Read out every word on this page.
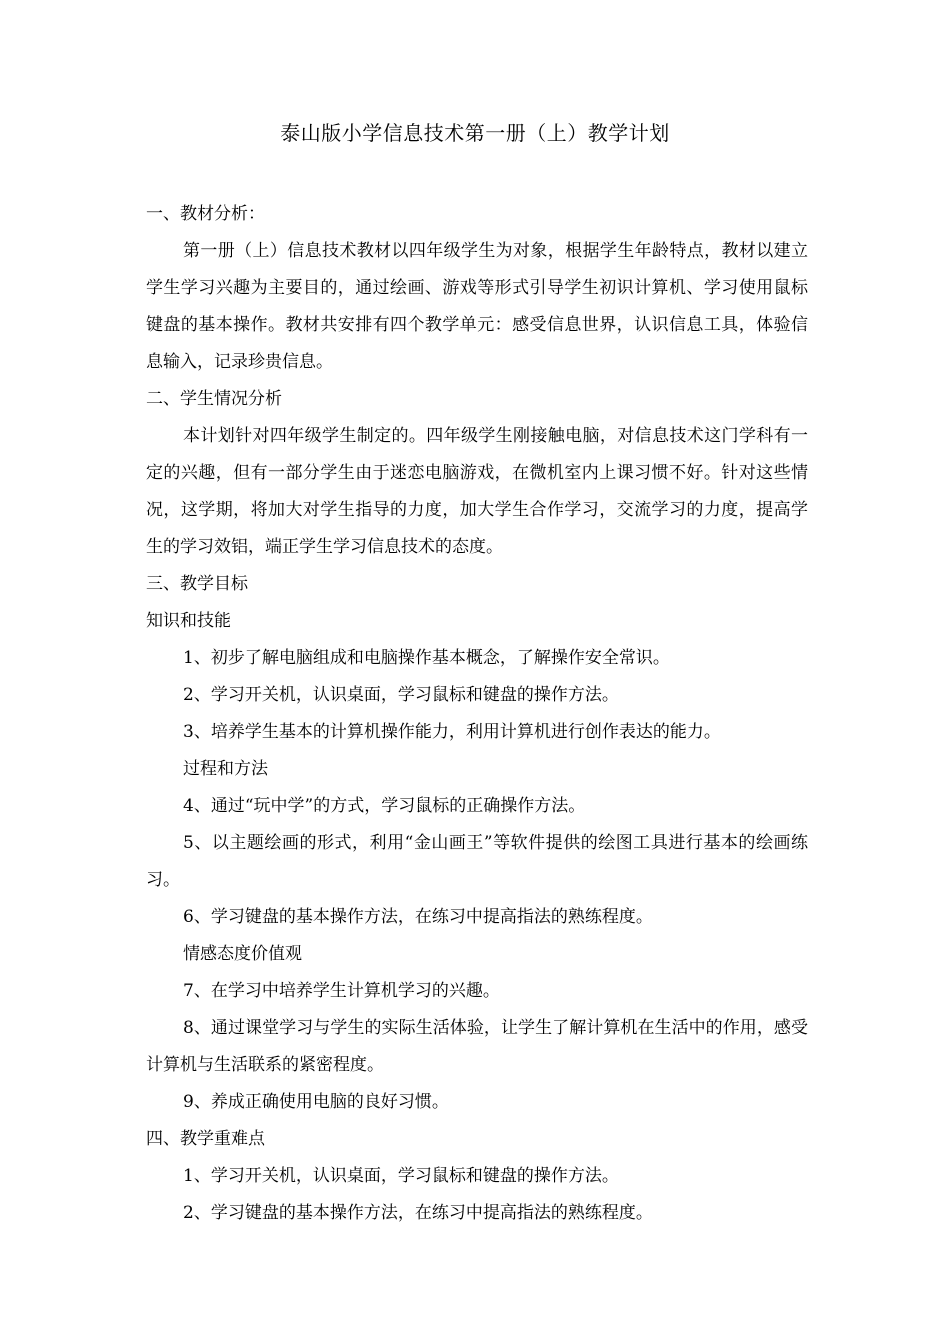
泰山版小学信息技术第一册（上）教学计划

一、教材分析：

第一册（上）信息技术教材以四年级学生为对象，根据学生年龄特点，教材以建立学生学习兴趣为主要目的，通过绘画、游戏等形式引导学生初识计算机、学习使用鼠标键盘的基本操作。教材共安排有四个教学单元：感受信息世界，认识信息工具，体验信息输入，记录珍贵信息。

二、学生情况分析

本计划针对四年级学生制定的。四年级学生刚接触电脑，对信息技术这门学科有一定的兴趣，但有一部分学生由于迷恋电脑游戏，在微机室内上课习惯不好。针对这些情况，这学期，将加大对学生指导的力度，加大学生合作学习，交流学习的力度，提高学生的学习效铝，端正学生学习信息技术的态度。

三、教学目标

知识和技能

1、初步了解电脑组成和电脑操作基本概念，了解操作安全常识。

2、学习开关机，认识桌面，学习鼠标和键盘的操作方法。

3、培养学生基本的计算机操作能力，利用计算机进行创作表达的能力。

过程和方法

4、通过“玩中学”的方式，学习鼠标的正确操作方法。

5、以主题绘画的形式，利用“金山画王”等软件提供的绘图工具进行基本的绘画练习。

6、学习键盘的基本操作方法，在练习中提高指法的熟练程度。

情感态度价值观

7、在学习中培养学生计算机学习的兴趣。

8、通过课堂学习与学生的实际生活体验，让学生了解计算机在生活中的作用，感受计算机与生活联系的紧密程度。

9、养成正确使用电脑的良好习惯。

四、教学重难点

1、学习开关机，认识桌面，学习鼠标和键盘的操作方法。

2、学习键盘的基本操作方法，在练习中提高指法的熟练程度。
